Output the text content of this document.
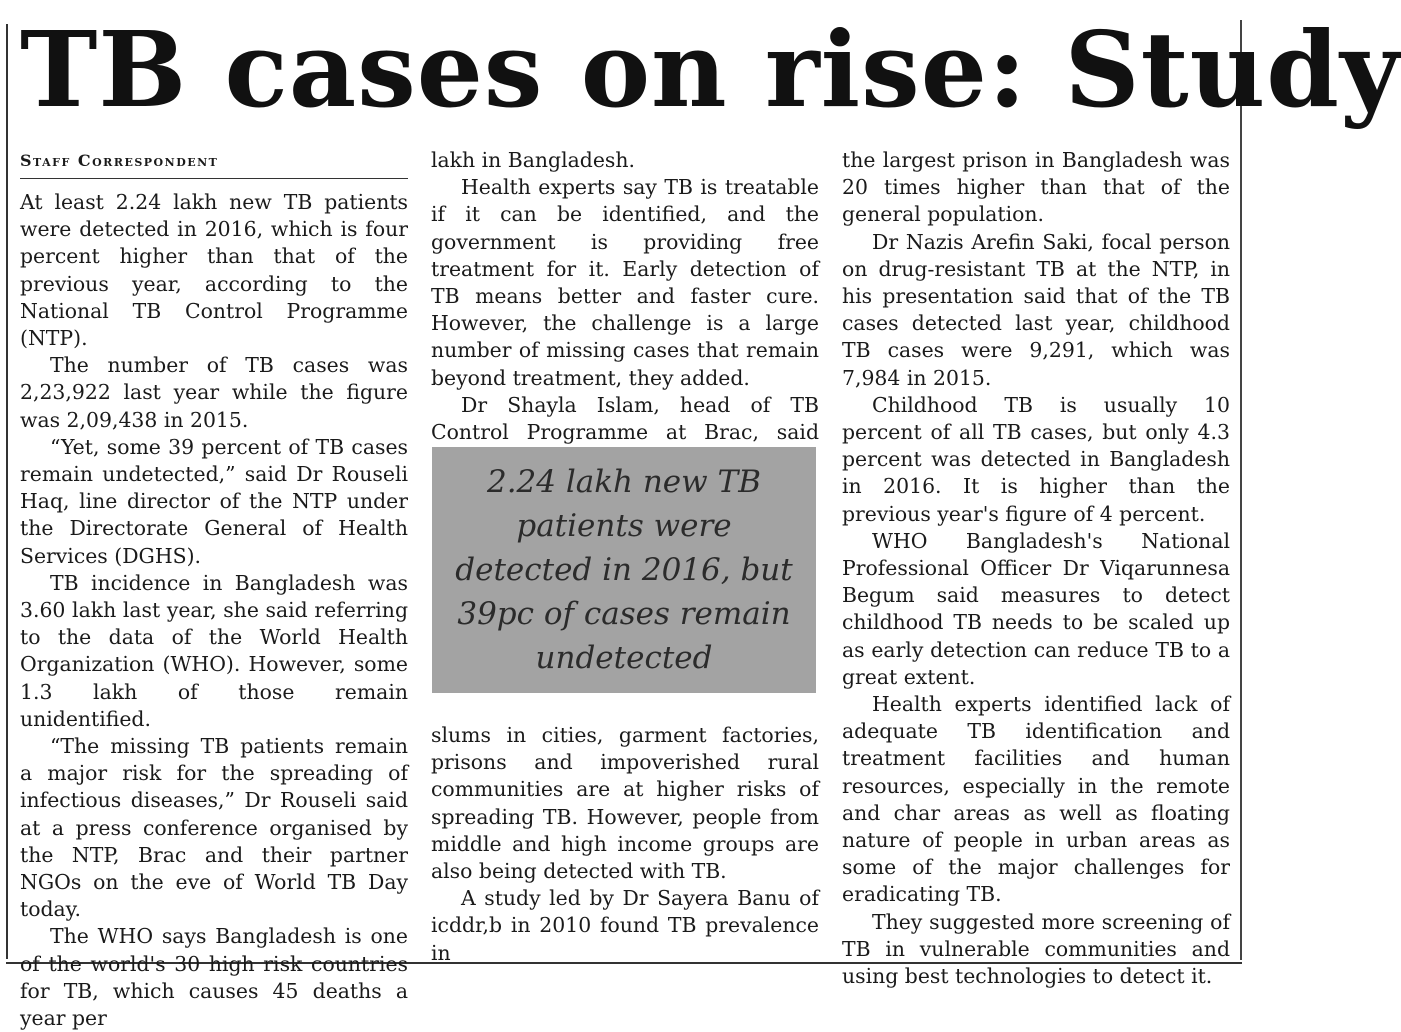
TB cases on rise: Study
Staff Correspondent

At least 2.24 lakh new TB patients were detected in 2016, which is four percent higher than that of the previous year, according to the National TB Control Programme (NTP).

The number of TB cases was 2,23,922 last year while the figure was 2,09,438 in 2015.

“Yet, some 39 percent of TB cases remain undetected,” said Dr Rouseli Haq, line director of the NTP under the Directorate General of Health Services (DGHS).

TB incidence in Bangladesh was 3.60 lakh last year, she said referring to the data of the World Health Organization (WHO). However, some 1.3 lakh of those remain unidentified.

“The missing TB patients remain a major risk for the spreading of infectious diseases,” Dr Rouseli said at a press conference organised by the NTP, Brac and their partner NGOs on the eve of World TB Day today.

The WHO says Bangladesh is one of the world's 30 high risk countries for TB, which causes 45 deaths a year per

lakh in Bangladesh.

Health experts say TB is treatable if it can be identified, and the government is providing free treatment for it. Early detection of TB means better and faster cure. However, the challenge is a large number of missing cases that remain beyond treatment, they added.

Dr Shayla Islam, head of TB Control Programme at Brac, said

2.24 lakh new TB patients were detected in 2016, but 39pc of cases remain undetected

slums in cities, garment factories, prisons and impoverished rural communities are at higher risks of spreading TB. However, people from middle and high income groups are also being detected with TB.

A study led by Dr Sayera Banu of icddr,b in 2010 found TB prevalence in

the largest prison in Bangladesh was 20 times higher than that of the general population.

Dr Nazis Arefin Saki, focal person on drug-resistant TB at the NTP, in his presentation said that of the TB cases detected last year, childhood TB cases were 9,291, which was 7,984 in 2015.

Childhood TB is usually 10 percent of all TB cases, but only 4.3 percent was detected in Bangladesh in 2016. It is higher than the previous year's figure of 4 percent.

WHO Bangladesh's National Professional Officer Dr Viqarunnesa Begum said measures to detect childhood TB needs to be scaled up as early detection can reduce TB to a great extent.

Health experts identified lack of adequate TB identification and treatment facilities and human resources, especially in the remote and char areas as well as floating nature of people in urban areas as some of the major challenges for eradicating TB.

They suggested more screening of TB in vulnerable communities and using best technologies to detect it.
